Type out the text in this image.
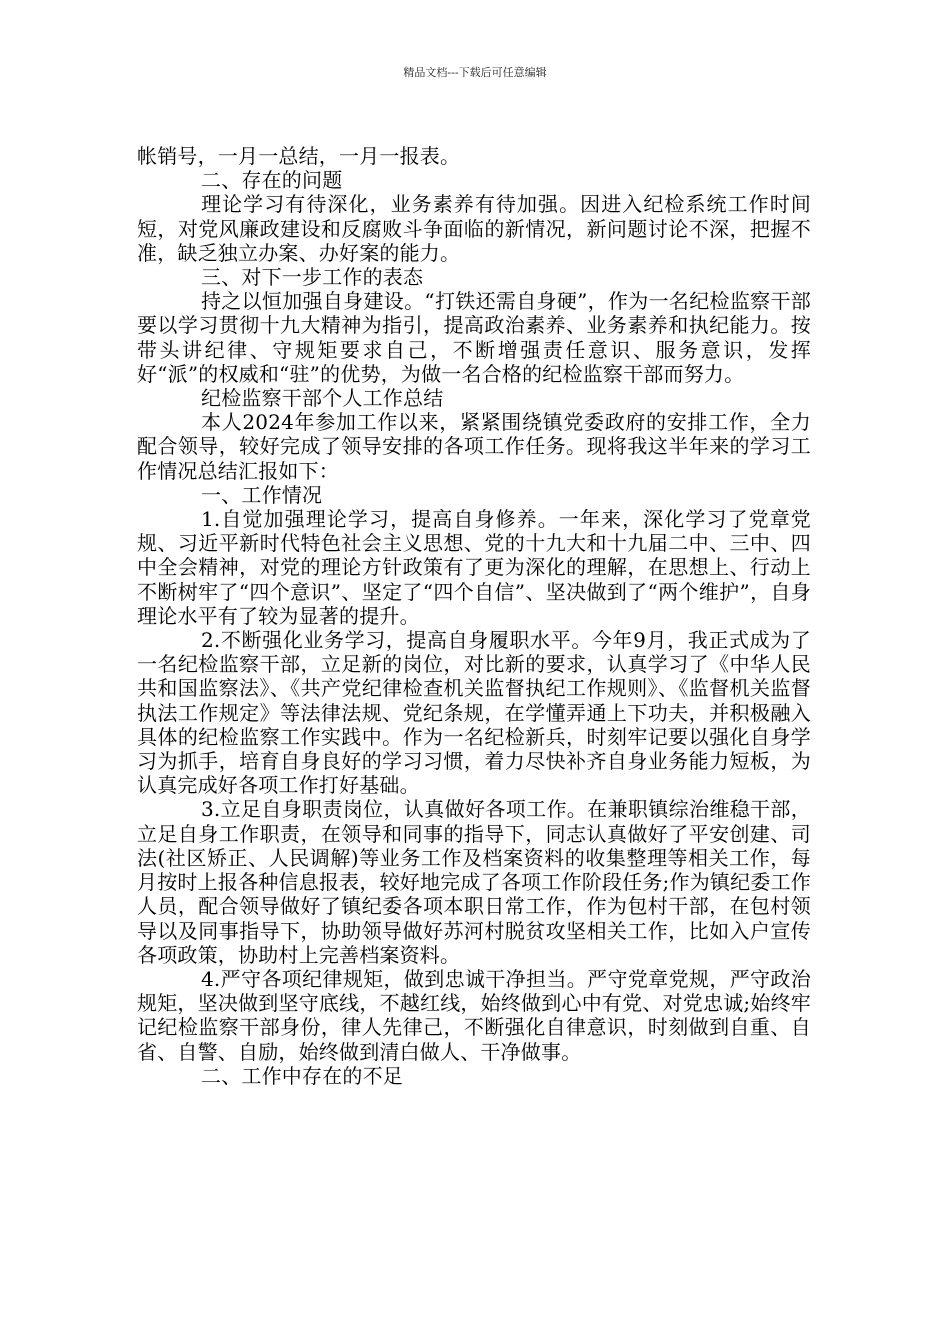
精品文档---下载后可任意编辑

帐销号，一月一总结，一月一报表。

二、存在的问题

理论学习有待深化，业务素养有待加强。因进入纪检系统工作时间短，对党风廉政建设和反腐败斗争面临的新情况，新问题讨论不深，把握不准，缺乏独立办案、办好案的能力。

三、对下一步工作的表态

持之以恒加强自身建设。“打铁还需自身硬”，作为一名纪检监察干部要以学习贯彻十九大精神为指引，提高政治素养、业务素养和执纪能力。按带头讲纪律、守规矩要求自己，不断增强责任意识、服务意识，发挥好“派”的权威和“驻”的优势，为做一名合格的纪检监察干部而努力。

纪检监察干部个人工作总结

本人2024年参加工作以来，紧紧围绕镇党委政府的安排工作，全力配合领导，较好完成了领导安排的各项工作任务。现将我这半年来的学习工作情况总结汇报如下：

一、工作情况

1.自觉加强理论学习，提高自身修养。一年来，深化学习了党章党规、习近平新时代特色社会主义思想、党的十九大和十九届二中、三中、四中全会精神，对党的理论方针政策有了更为深化的理解，在思想上、行动上不断树牢了“四个意识”、坚定了“四个自信”、坚决做到了“两个维护”，自身理论水平有了较为显著的提升。

2.不断强化业务学习，提高自身履职水平。今年9月，我正式成为了一名纪检监察干部，立足新的岗位，对比新的要求，认真学习了《中华人民共和国监察法》、《共产党纪律检查机关监督执纪工作规则》、《监督机关监督执法工作规定》等法律法规、党纪条规，在学懂弄通上下功夫，并积极融入具体的纪检监察工作实践中。作为一名纪检新兵，时刻牢记要以强化自身学习为抓手，培育自身良好的学习习惯，着力尽快补齐自身业务能力短板，为认真完成好各项工作打好基础。

3.立足自身职责岗位，认真做好各项工作。在兼职镇综治维稳干部，立足自身工作职责，在领导和同事的指导下，同志认真做好了平安创建、司法(社区矫正、人民调解)等业务工作及档案资料的收集整理等相关工作，每月按时上报各种信息报表，较好地完成了各项工作阶段任务;作为镇纪委工作人员，配合领导做好了镇纪委各项本职日常工作，作为包村干部，在包村领导以及同事指导下，协助领导做好苏河村脱贫攻坚相关工作，比如入户宣传各项政策，协助村上完善档案资料。

4.严守各项纪律规矩，做到忠诚干净担当。严守党章党规，严守政治规矩，坚决做到坚守底线，不越红线，始终做到心中有党、对党忠诚;始终牢记纪检监察干部身份，律人先律己，不断强化自律意识，时刻做到自重、自省、自警、自励，始终做到清白做人、干净做事。

二、工作中存在的不足
